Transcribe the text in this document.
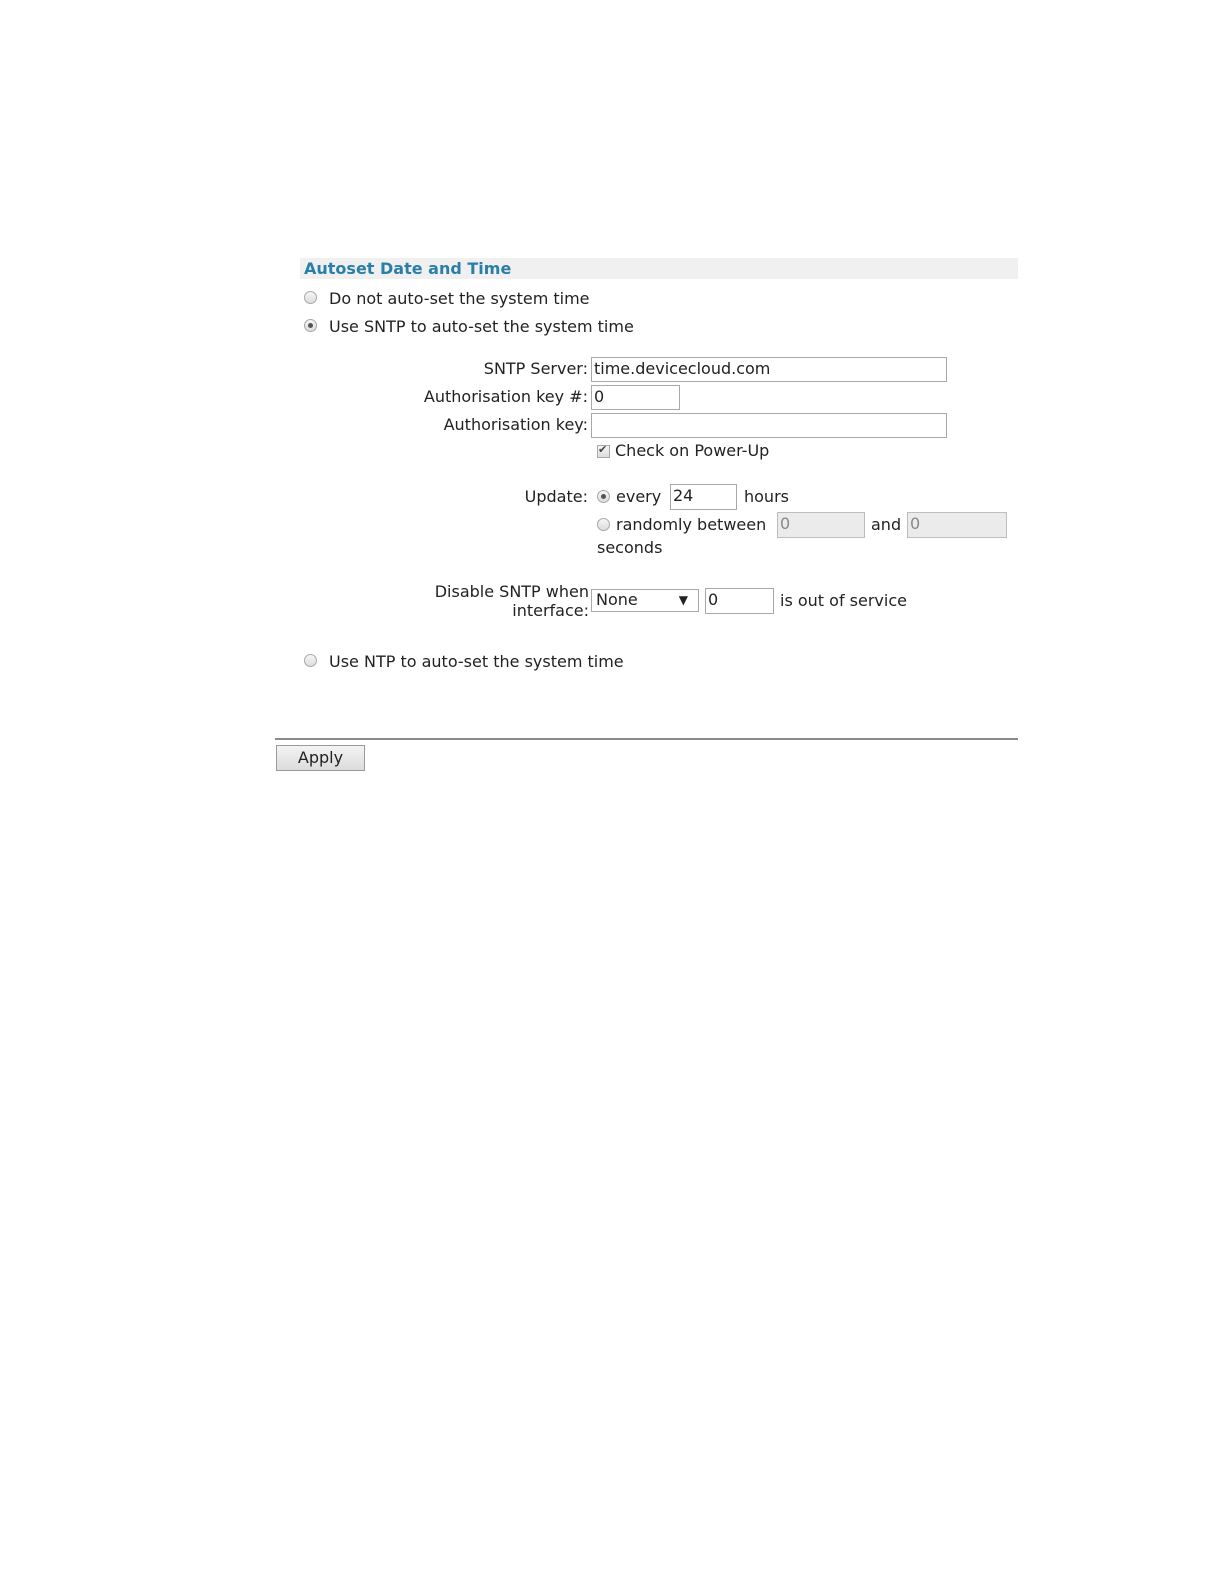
Autoset Date and Time
Do not auto-set the system time
Use SNTP to auto-set the system time
SNTP Server: time.devicecloud.com
Authorisation key #: 0
Authorisation key:
✔
Check on Power-Up
Update: every 24	hours
randomly between 0	and 0
seconds
Disable SNTP when
interface:
None	▼ 0	is out of service
Use NTP to auto-set the system time
Apply
